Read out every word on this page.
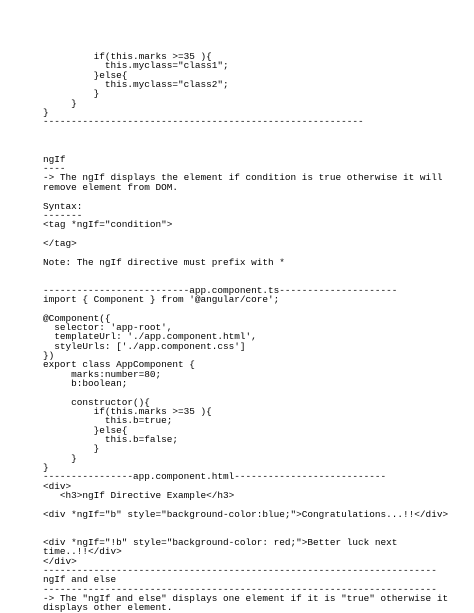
if(this.marks >=35 ){
this.myclass="class1";
}else{
this.myclass="class2";
}
}
}
---------------------------------------------------------
ngIf
----
-> The ngIf displays the element if condition is true otherwise it will
remove element from DOM.
Syntax:
-------
<tag *ngIf="condition">
</tag>
Note: The ngIf directive must prefix with *
--------------------------app.component.ts---------------------
import { Component } from '@angular/core';
@Component({
selector: 'app-root',
templateUrl: './app.component.html',
styleUrls: ['./app.component.css']
})
export class AppComponent {
marks:number=80;
b:boolean;
constructor(){
if(this.marks >=35 ){
this.b=true;
}else{
this.b=false;
}
}
}
----------------app.component.html---------------------------
<div>
<h3>ngIf Directive Example</h3>
<div *ngIf="b" style="background-color:blue;">Congratulations...!!</div>
<div *ngIf="!b" style="background-color: red;">Better luck next
time..!!</div>
</div>
----------------------------------------------------------------------
ngIf and else
----------------------------------------------------------------------
-> The "ngIf and else" displays one element if it is "true" otherwise it
displays other element.
